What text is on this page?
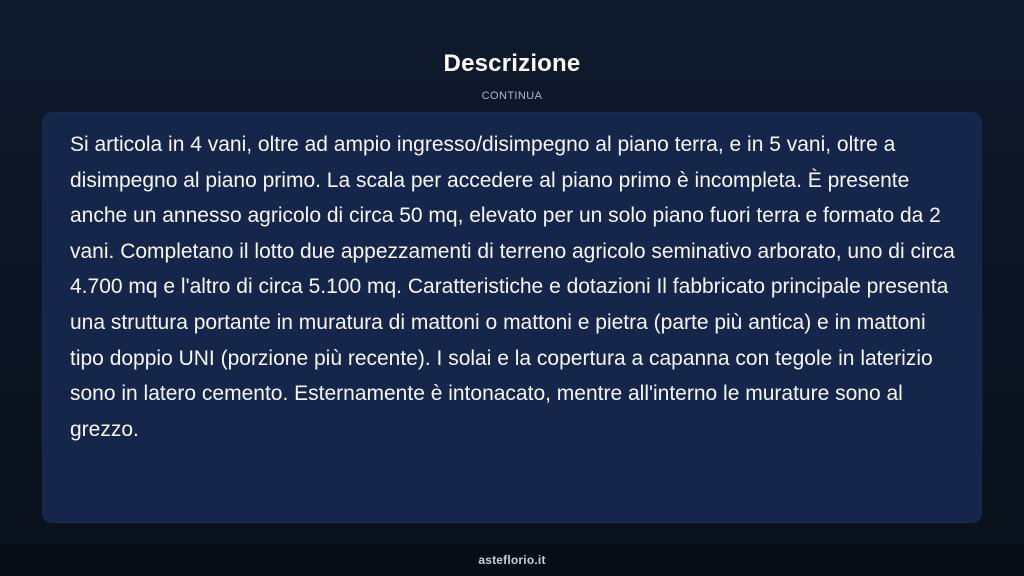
Descrizione
CONTINUA

Si articola in 4 vani, oltre ad ampio ingresso/disimpegno al piano terra, e in 5 vani, oltre a disimpegno al piano primo. La scala per accedere al piano primo è incompleta. È presente anche un annesso agricolo di circa 50 mq, elevato per un solo piano fuori terra e formato da 2 vani. Completano il lotto due appezzamenti di terreno agricolo seminativo arborato, uno di circa 4.700 mq e l'altro di circa 5.100 mq. Caratteristiche e dotazioni Il fabbricato principale presenta una struttura portante in muratura di mattoni o mattoni e pietra (parte più antica) e in mattoni tipo doppio UNI (porzione più recente). I solai e la copertura a capanna con tegole in laterizio sono in latero cemento. Esternamente è intonacato, mentre all'interno le murature sono al grezzo.

asteflorio.it
